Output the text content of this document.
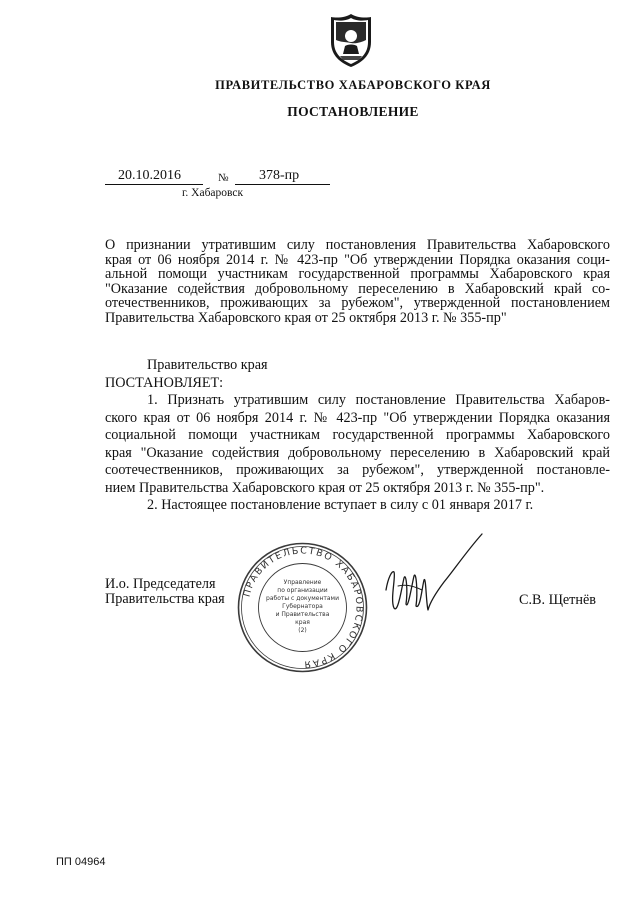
ПРАВИТЕЛЬСТВО ХАБАРОВСКОГО КРАЯ
ПОСТАНОВЛЕНИЕ
20.10.2016	№	378-пр
г. Хабаровск
О признании утратившим силу постановления Правительства Хабаровского
края от 06 ноября 2014 г. № 423-пр "Об утверждении Порядка оказания соци-
альной помощи участникам государственной программы Хабаровского края
"Оказание содействия добровольному переселению в Хабаровский край со-
отечественников, проживающих за рубежом", утвержденной постановлением
Правительства Хабаровского края от 25 октября 2013 г. № 355-пр"
Правительство края
ПОСТАНОВЛЯЕТ:
1. Признать утратившим силу постановление Правительства Хабаров-
ского края от 06 ноября 2014 г. № 423-пр "Об утверждении Порядка оказания
социальной помощи участникам государственной программы Хабаровского
края "Оказание содействия добровольному переселению в Хабаровский край
соотечественников, проживающих за рубежом", утвержденной постановле-
нием Правительства Хабаровского края от 25 октября 2013 г. № 355-пр".
2. Настоящее постановление вступает в силу с 01 января 2017 г.
И.о. Председателя
Правительства края ПРАВИТЕЛЬСТВО ХАБАРОВСКОГО КРАЯ
Управление
по организации
работы с документами
Губернатора
и Правительства
края
(2)
С.В. Щетнёв
ПП 04964
